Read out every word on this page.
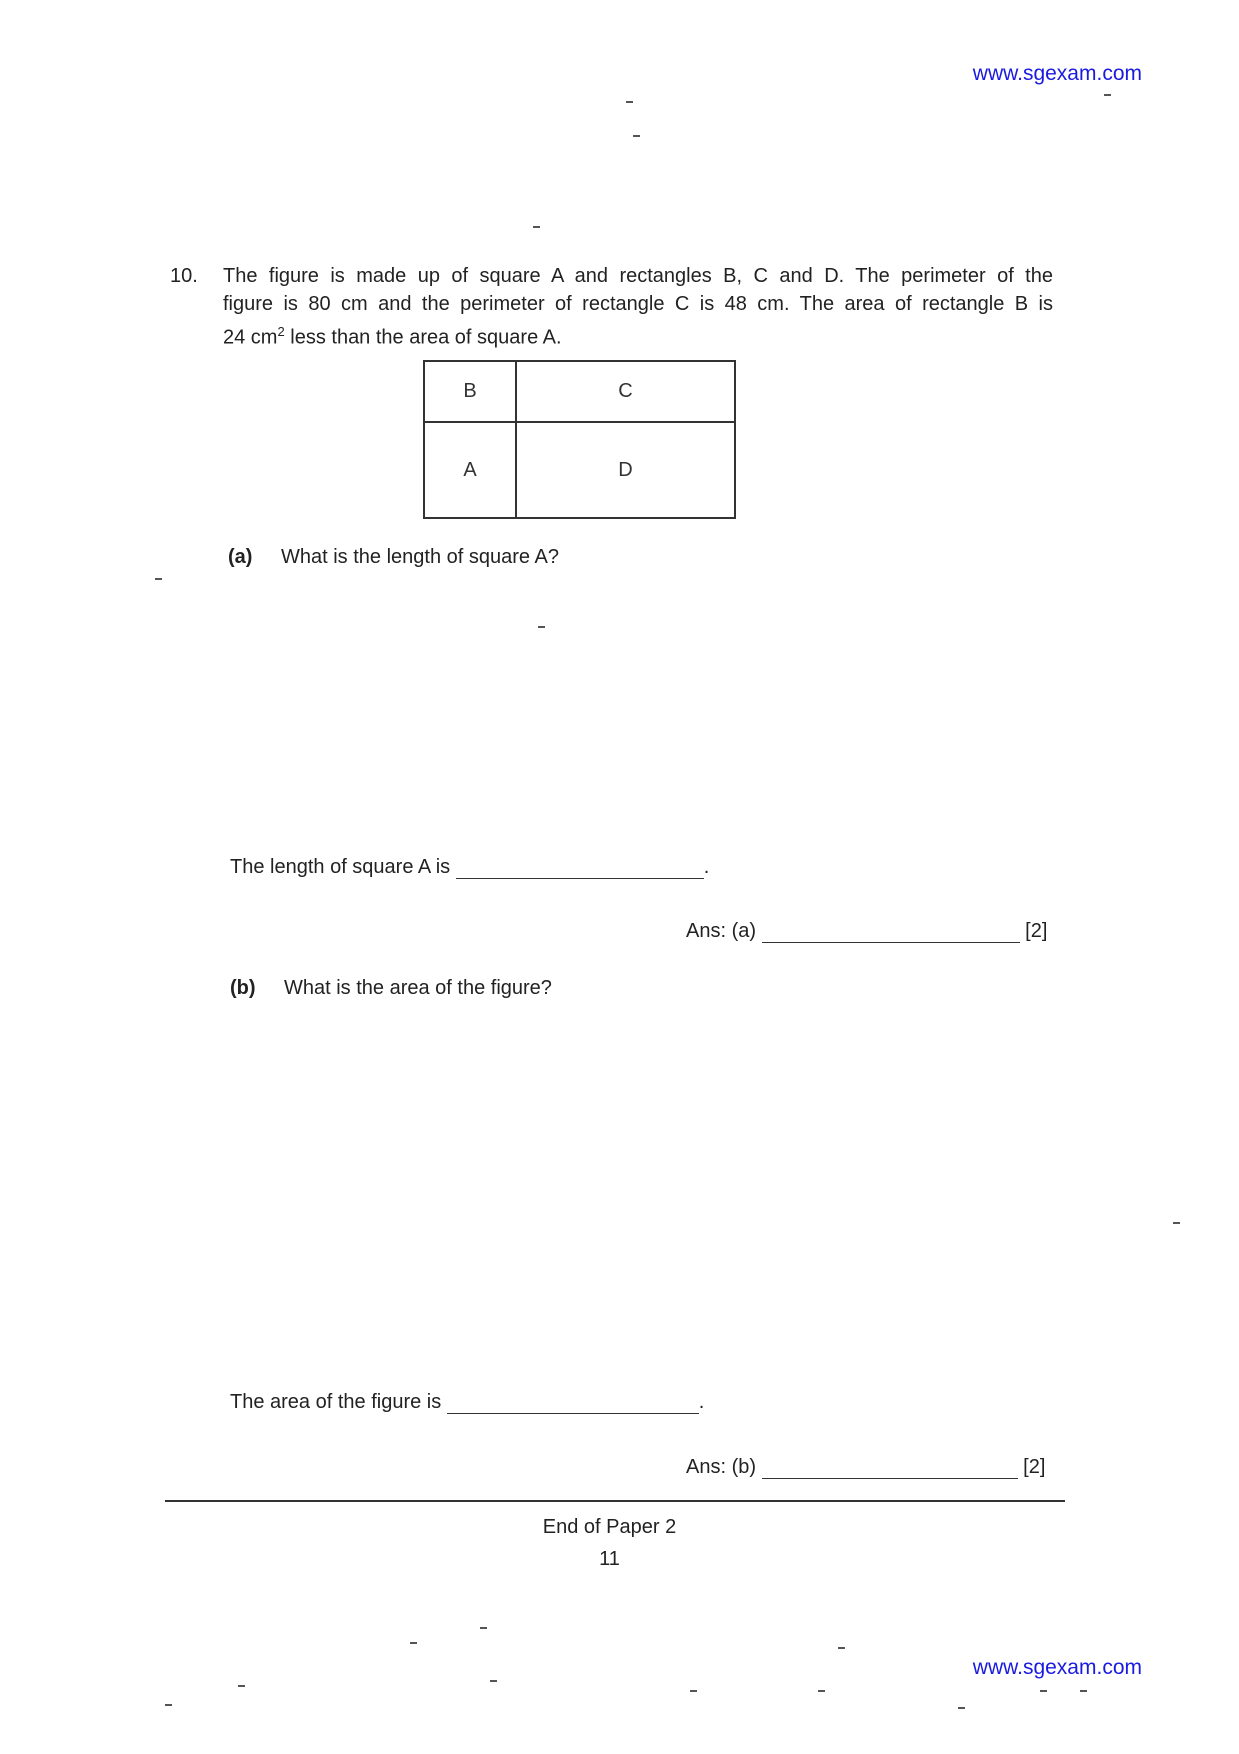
www.sgexam.com
10. The figure is made up of square A and rectangles B, C and D. The perimeter of the
figure is 80 cm and the perimeter of rectangle C is 48 cm. The area of rectangle B is
24 $cm^2$ less than the area of square A.
B	C
A	D
(a) What is the length of square A?
The length of square A is	.
Ans: (a)	[2]
(b) What is the area of the figure?
The area of the figure is	.
Ans: (b)	[2]
End of Paper 2
11
www.sgexam.com
